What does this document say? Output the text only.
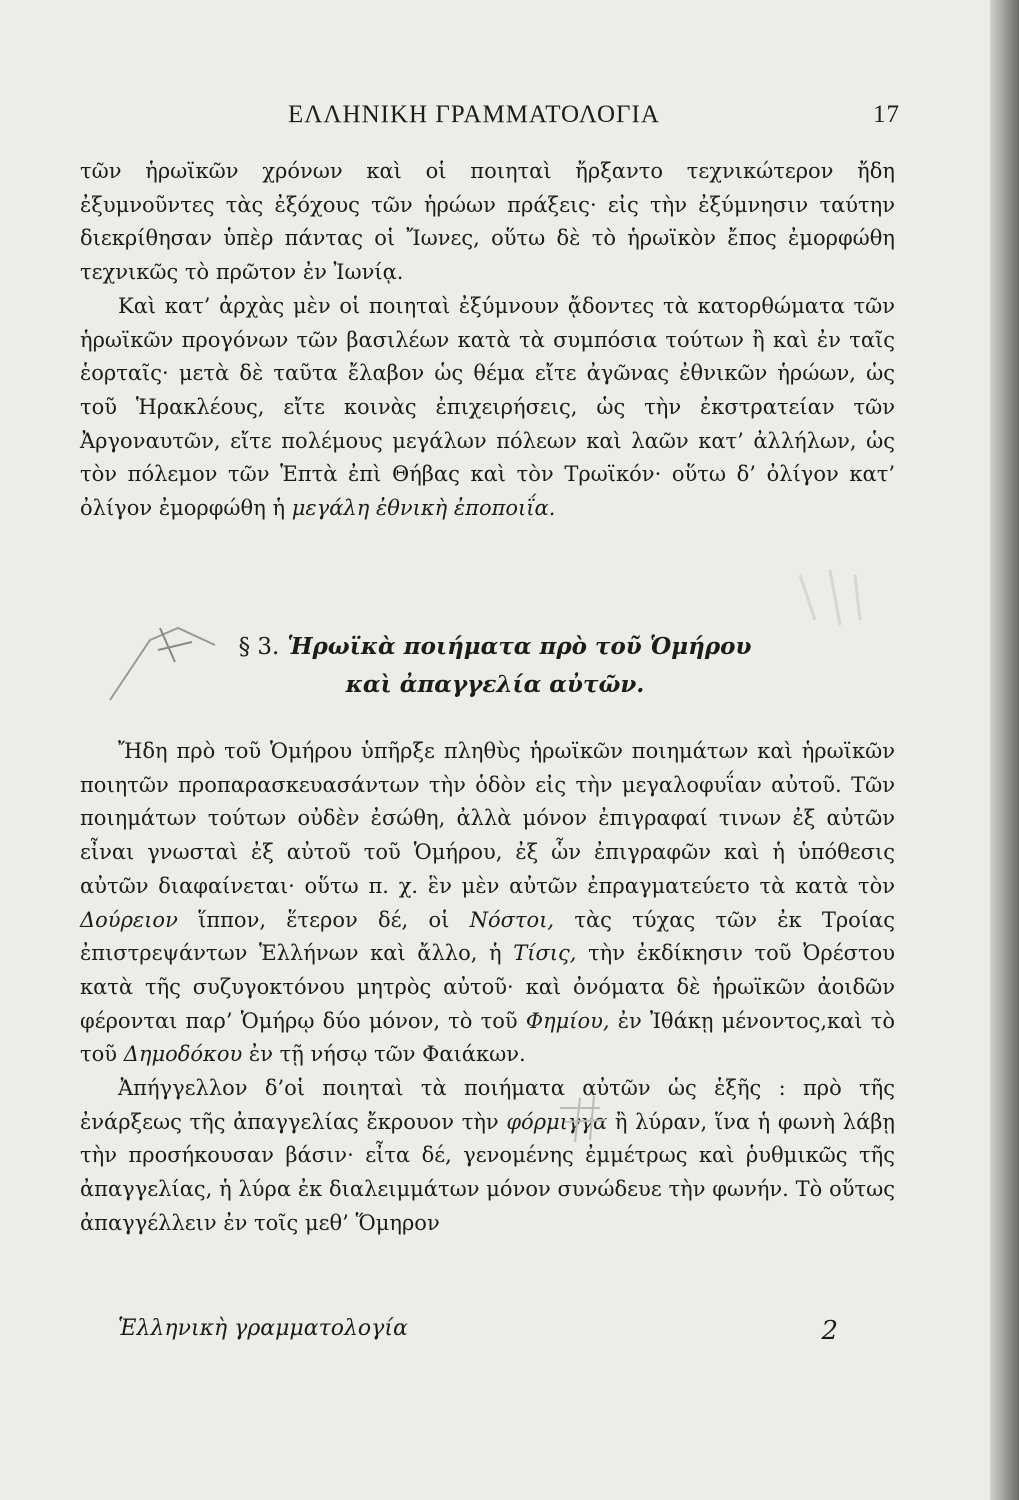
ΕΛΛΗΝΙΚΗ ΓΡΑΜΜΑΤΟΛΟΓΙΑ	17

τῶν ἡρωϊκῶν χρόνων καὶ οἱ ποιηταὶ ἤρξαντο τεχνικώτερον ἤδη ἐξυμνοῦντες τὰς ἐξόχους τῶν ἡρώων πράξεις· εἰς τὴν ἐξύμνησιν ταύτην διεκρίθησαν ὑπὲρ πάντας οἱ Ἴωνες, οὕτω δὲ τὸ ἡρωϊκὸν ἔπος ἐμορφώθη τεχνικῶς τὸ πρῶτον ἐν Ἰωνίᾳ.

Καὶ κατ’ ἀρχὰς μὲν οἱ ποιηταὶ ἐξύμνουν ᾄδοντες τὰ κατορθώματα τῶν ἡρωϊκῶν προγόνων τῶν βασιλέων κατὰ τὰ συμπόσια τούτων ἢ καὶ ἐν ταῖς ἑορταῖς· μετὰ δὲ ταῦτα ἔλαβον ὡς θέμα εἴτε ἀγῶνας ἐθνικῶν ἡρώων, ὡς τοῦ Ἡρακλέους, εἴτε κοινὰς ἐπιχειρήσεις, ὡς τὴν ἐκστρατείαν τῶν Ἀργοναυτῶν, εἴτε πολέμους μεγάλων πόλεων καὶ λαῶν κατ’ ἀλλήλων, ὡς τὸν πόλεμον τῶν Ἑπτὰ ἐπὶ Θήβας καὶ τὸν Τρωϊκόν· οὕτω δ’ ὀλίγον κατ’ ὀλίγον ἐμορφώθη ἡ μεγάλη ἐθνικὴ ἐποποιΐα.

§ 3. Ἡρωϊκὰ ποιήματα πρὸ τοῦ Ὁμήρου
καὶ ἀπαγγελία αὐτῶν.

Ἤδη πρὸ τοῦ Ὁμήρου ὑπῆρξε πληθὺς ἡρωϊκῶν ποιημάτων καὶ ἡρωϊκῶν ποιητῶν προπαρασκευασάντων τὴν ὁδὸν εἰς τὴν μεγαλοφυΐαν αὐτοῦ. Τῶν ποιημάτων τούτων οὐδὲν ἐσώθη, ἀλλὰ μόνον ἐπιγραφαί τινων ἐξ αὐτῶν εἶναι γνωσταὶ ἐξ αὐτοῦ τοῦ Ὁμήρου, ἐξ ὧν ἐπιγραφῶν καὶ ἡ ὑπόθεσις αὐτῶν διαφαίνεται· οὕτω π. χ. ἓν μὲν αὐτῶν ἐπραγματεύετο τὰ κατὰ τὸν Δούρειον ἵππον, ἕτερον δέ, οἱ Νόστοι, τὰς τύχας τῶν ἐκ Τροίας ἐπιστρεψάντων Ἑλλήνων καὶ ἄλλο, ἡ Τίσις, τὴν ἐκδίκησιν τοῦ Ὀρέστου κατὰ τῆς συζυγοκτόνου μητρὸς αὐτοῦ· καὶ ὀνόματα δὲ ἡρωϊκῶν ἀοιδῶν φέρονται παρ’ Ὁμήρῳ δύο μόνον, τὸ τοῦ Φημίου, ἐν Ἰθάκῃ μένοντος,καὶ τὸ τοῦ Δημοδόκου ἐν τῇ νήσῳ τῶν Φαιάκων.

Ἀπήγγελλον δ’οἱ ποιηταὶ τὰ ποιήματα αὐτῶν ὡς ἑξῆς : πρὸ τῆς ἐνάρξεως τῆς ἀπαγγελίας ἔκρουον τὴν φόρμιγγα ἢ λύραν, ἵνα ἡ φωνὴ λάβῃ τὴν προσήκουσαν βάσιν· εἶτα δέ, γενομένης ἐμμέτρως καὶ ῥυθμικῶς τῆς ἀπαγγελίας, ἡ λύρα ἐκ διαλειμμάτων μόνον συνώδευε τὴν φωνήν. Τὸ οὕτως ἀπαγγέλλειν ἐν τοῖς μεθ’ Ὅμηρον

Ἑλληνικὴ γραμματολογία	2
